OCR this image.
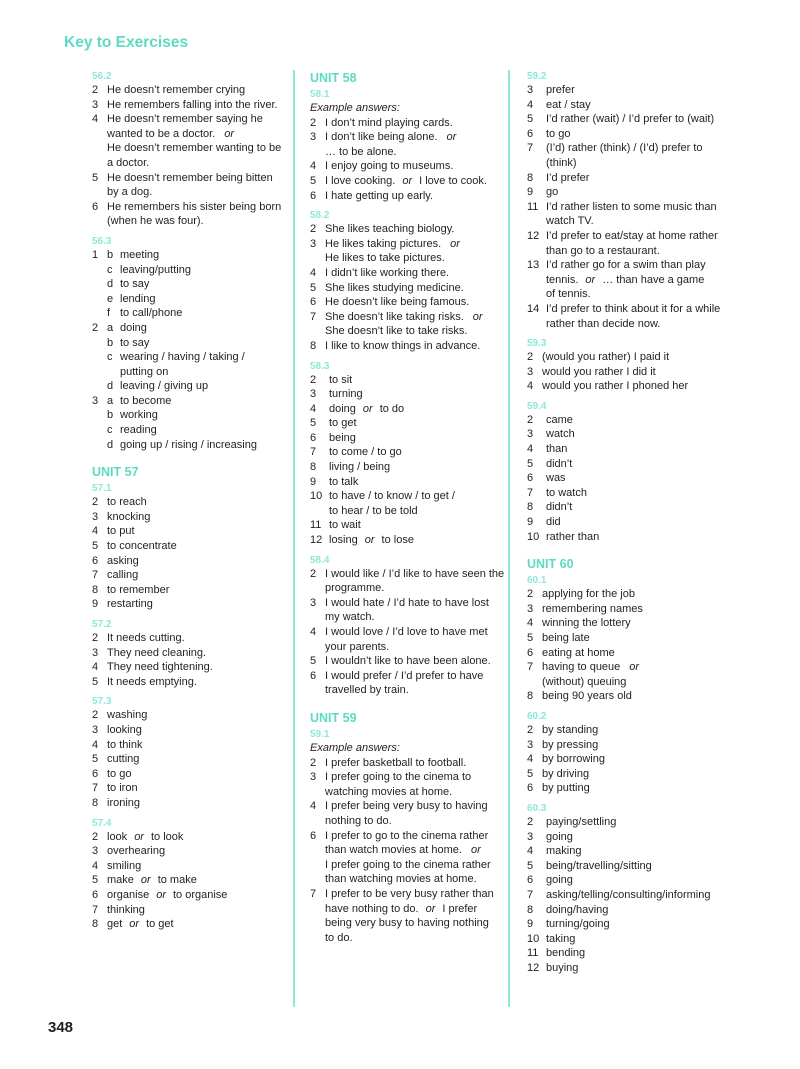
Key to Exercises
56.2
2 He doesn’t remember crying
3 He remembers falling into the river.
4 He doesn’t remember saying he
wanted to be a doctor. or
He doesn’t remember wanting to be
a doctor.
5 He doesn’t remember being bitten
by a dog.
6 He remembers his sister being born
(when he was four).
56.3
1 b meeting
c leaving/putting
d to say
e lending
f to call/phone
2 a doing
b to say
c wearing / having / taking /
putting on
d leaving / giving up
3 a to become
b working
c reading
d going up / rising / increasing
UNIT 57
57.1
2 to reach
3 knocking
4 to put
5 to concentrate
6 asking
7 calling
8 to remember
9 restarting
57.2
2 It needs cutting.
3 They need cleaning.
4 They need tightening.
5 It needs emptying.
57.3
2 washing
3 looking
4 to think
5 cutting
6 to go
7 to iron
8 ironing
57.4
2 look or to look
3 overhearing
4 smiling
5 make or to make
6 organise or to organise
7 thinking
8 get or to get
UNIT 58
58.1
Example answers:
2 I don’t mind playing cards.
3 I don’t like being alone. or
… to be alone.
4 I enjoy going to museums.
5 I love cooking. or I love to cook.
6 I hate getting up early.
58.2
2 She likes teaching biology.
3 He likes taking pictures. or
He likes to take pictures.
4 I didn’t like working there.
5 She likes studying medicine.
6 He doesn’t like being famous.
7 She doesn’t like taking risks. or
She doesn’t like to take risks.
8 I like to know things in advance.
58.3
2	to sit
3	turning
4	doing or to do
5	to get
6	being
7	to come / to go
8	living / being
9	to talk
10 to have / to know / to get /
to hear / to be told
11 to wait
12 losing or to lose
58.4
2 I would like / I’d like to have seen the
programme.
3 I would hate / I’d hate to have lost
my watch.
4 I would love / I’d love to have met
your parents.
5 I wouldn’t like to have been alone.
6 I would prefer / I’d prefer to have
travelled by train.
UNIT 59
59.1
Example answers:
2 I prefer basketball to football.
3 I prefer going to the cinema to
watching movies at home.
4 I prefer being very busy to having
nothing to do.
6 I prefer to go to the cinema rather
than watch movies at home. or
I prefer going to the cinema rather
than watching movies at home.
7 I prefer to be very busy rather than
have nothing to do. or I prefer
being very busy to having nothing
to do.
59.2
3	prefer
4	eat / stay
5	I’d rather (wait) / I’d prefer to (wait)
6	to go
7	(I’d) rather (think) / (I’d) prefer to
(think)
8	I’d prefer
9	go
11 I’d rather listen to some music than
watch TV.
12 I’d prefer to eat/stay at home rather
than go to a restaurant.
13 I’d rather go for a swim than play
tennis. or … than have a game
of tennis.
14 I’d prefer to think about it for a while
rather than decide now.
59.3
2 (would you rather) I paid it
3 would you rather I did it
4 would you rather I phoned her
59.4
2	came
3	watch
4	than
5	didn’t
6	was
7	to watch
8	didn’t
9	did
10 rather than
UNIT 60
60.1
2 applying for the job
3 remembering names
4 winning the lottery
5 being late
6 eating at home
7 having to queue or
(without) queuing
8 being 90 years old
60.2
2 by standing
3 by pressing
4 by borrowing
5 by driving
6 by putting
60.3
2	paying/settling
3	going
4	making
5	being/travelling/sitting
6	going
7	asking/telling/consulting/informing
8	doing/having
9	turning/going
10 taking
11 bending
12 buying
348
